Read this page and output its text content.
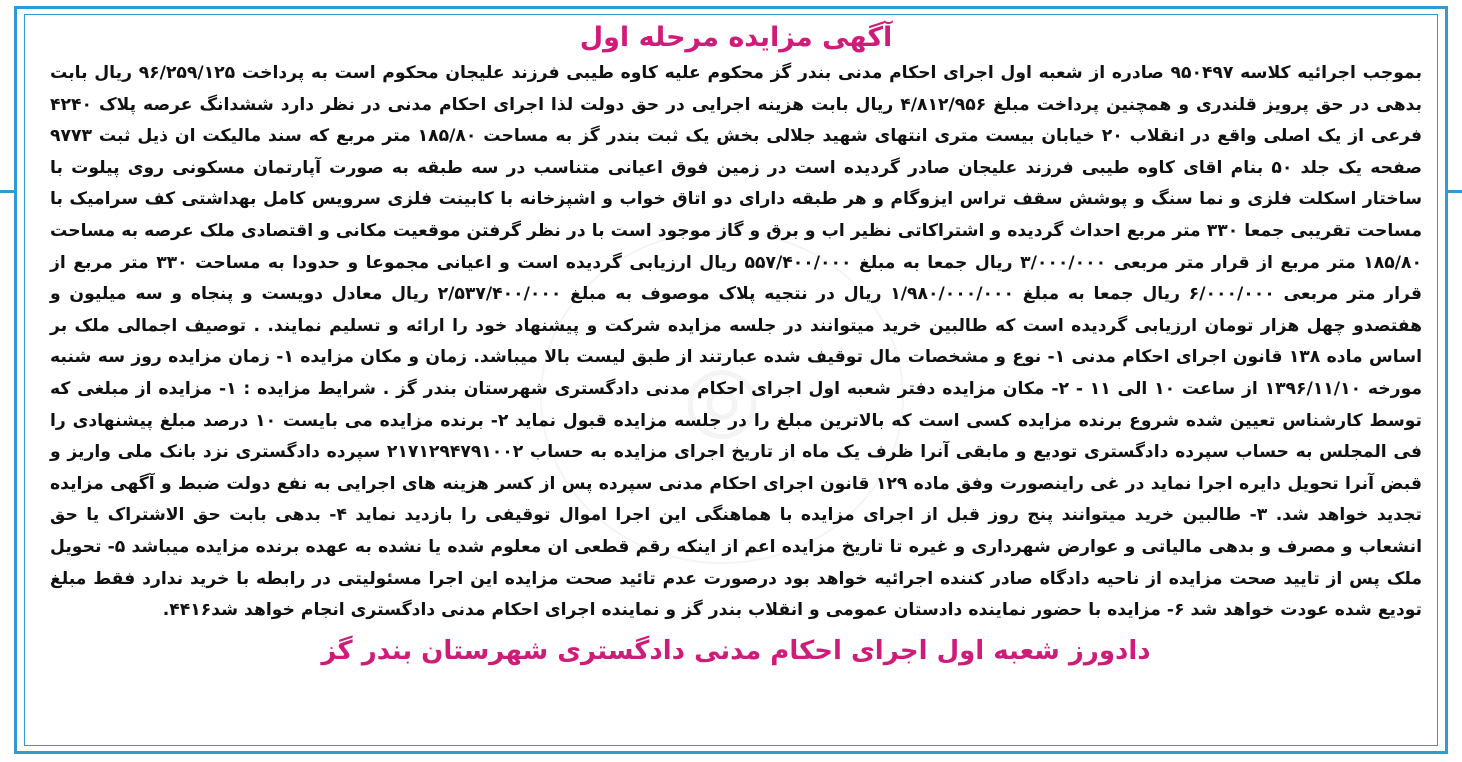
◎
آگهی مزایده مرحله اول

بموجب اجرائیه کلاسه ۹۵۰۴۹۷ صادره از شعبه اول اجرای احکام مدنی بندر گز محکوم علیه کاوه طیبی فرزند علیجان محکوم است به پرداخت ۹۶/۲۵۹/۱۲۵ ریال بابت بدهی در حق پرویز قلندری و همچنین پرداخت مبلغ ۴/۸۱۲/۹۵۶ ریال بابت هزینه اجرایی در حق دولت لذا اجرای احکام مدنی در نظر دارد ششدانگ عرصه پلاک ۴۲۴۰ فرعی از یک اصلی واقع در انقلاب ۲۰ خیابان بیست متری انتهای شهید جلالی بخش یک ثبت بندر گز به مساحت ۱۸۵/۸۰ متر مربع که سند مالیکت ان ذیل ثبت ۹۷۷۳ صفحه یک جلد ۵۰ بنام اقای کاوه طیبی فرزند علیجان صادر گردیده است در زمین فوق اعیانی متناسب در سه طبقه به صورت آپارتمان مسکونی روی پیلوت با ساختار اسکلت فلزی و نما سنگ و پوشش سقف تراس ایزوگام و هر طبقه دارای دو اتاق خواب و اشپزخانه با کابینت فلزی سرویس کامل بهداشتی کف سرامیک با مساحت تقریبی جمعا ۳۳۰ متر مربع احداث گردیده و اشتراکاتی نظیر اب و برق و گاز موجود است با در نظر گرفتن موقعیت مکانی و اقتصادی ملک عرصه به مساحت ۱۸۵/۸۰ متر مربع از قرار متر مربعی ۳/۰۰۰/۰۰۰ ریال جمعا به مبلغ ۵۵۷/۴۰۰/۰۰۰ ریال ارزیابی گردیده است و اعیانی مجموعا و حدودا به مساحت ۳۳۰ متر مربع از قرار متر مربعی ۶/۰۰۰/۰۰۰ ریال جمعا به مبلغ ۱/۹۸۰/۰۰۰/۰۰۰ ریال در نتجیه پلاک موصوف به مبلغ ۲/۵۳۷/۴۰۰/۰۰۰ ریال معادل دویست و پنجاه و سه میلیون و هفتصدو چهل هزار تومان ارزیابی گردیده است که طالبین خرید میتوانند در جلسه مزایده شرکت و پیشنهاد خود را ارائه و تسلیم نمایند. . توصیف اجمالی ملک بر اساس ماده ۱۳۸ قانون اجرای احکام مدنی ۱- نوع و مشخصات مال توقیف شده عبارتند از طبق لیست بالا میباشد. زمان و مکان مزایده ۱- زمان مزایده روز سه شنبه مورخه ۱۳۹۶/۱۱/۱۰ از ساعت ۱۰ الی ۱۱ - ۲- مکان مزایده دفتر شعبه اول اجرای احکام مدنی دادگستری شهرستان بندر گز . شرایط مزایده : ۱- مزایده از مبلغی که توسط کارشناس تعیین شده شروع برنده مزایده کسی است که بالاترین مبلغ را در جلسه مزایده قبول نماید ۲- برنده مزایده می بایست ۱۰ درصد مبلغ پیشنهادی را فی المجلس به حساب سپرده دادگستری توديع و مابقی آنرا ظرف یک ماه از تاریخ اجرای مزایده به حساب ۲۱۷۱۲۹۴۷۹۱۰۰۲ سپرده دادگستری نزد بانک ملی واریز و قبض آنرا تحویل دایره اجرا نماید در غی راینصورت وفق ماده ۱۲۹ قانون اجرای احکام مدنی سپرده پس از کسر هزینه های اجرایی به نفع دولت ضبط و آگهی مزایده تجدید خواهد شد. ۳- طالبین خرید میتوانند پنج روز قبل از اجرای مزایده با هماهنگی این اجرا اموال توقیفی را بازدید نماید ۴- بدهی بابت حق الاشتراک یا حق انشعاب و مصرف و بدهی مالیاتی و عوارض شهرداری و غیره تا تاریخ مزایده اعم از اینکه رقم قطعی ان معلوم شده یا نشده به عهده برنده مزایده میباشد ۵- تحویل ملک پس از تایید صحت مزایده از ناحیه دادگاه صادر کننده اجرائیه خواهد بود درصورت عدم تائید صحت مزایده این اجرا مسئولیتی در رابطه با خرید ندارد فقط مبلغ توديع شده عودت خواهد شد ۶- مزایده با حضور نماینده دادستان عمومی و انقلاب بندر گز و نماینده اجرای احکام مدنی دادگستری انجام خواهد شد۴۴۱۶.

دادورز شعبه اول اجرای احکام مدنی دادگستری شهرستان بندر گز
